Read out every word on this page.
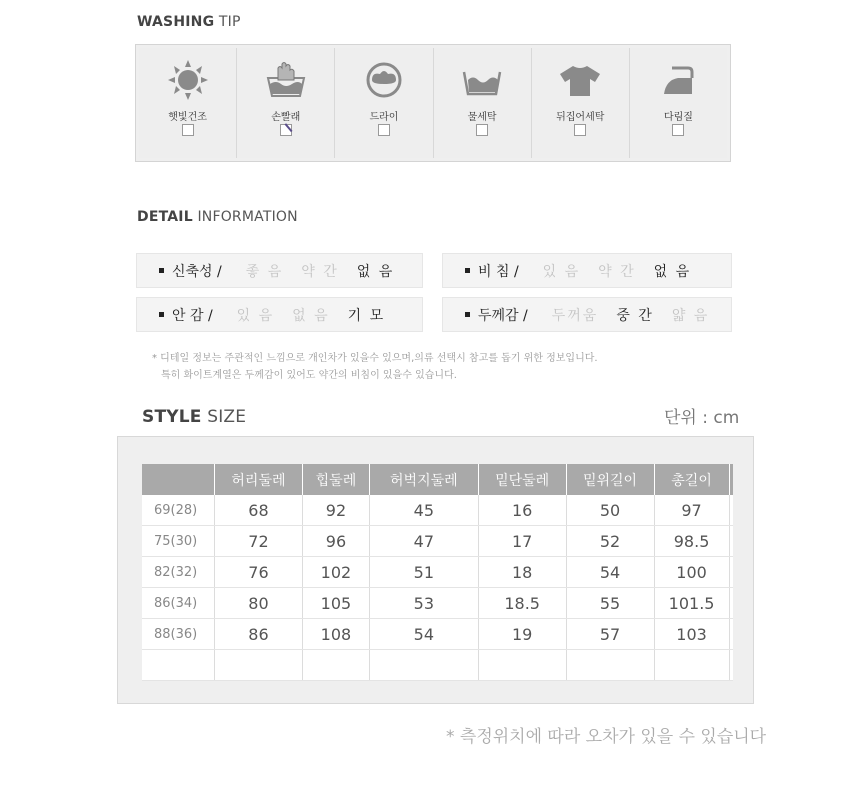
WASHING TIP
햇빛건조	손빨래	드라이	물세탁	뒤집어세탁	다림질
DETAIL INFORMATION
신축성 / 좋 음 약 간 없 음	비 침 / 있 음 약 간 없 음
안 감 / 있 음 없 음 기 모	두께감 / 두꺼움 중 간 얇 음
* 디테일 정보는 주관적인 느낌으로 개인차가 있을수 있으며,의류 선택시 참고를 돕기 위한 정보입니다.
특히 화이트계열은 두께감이 있어도 약간의 비침이 있을수 있습니다.
STYLE SIZE	단위 : cm
	허리둘레	힙둘레	허벅지둘레	밑단둘레	밑위길이	총길이	
69(28)	68	92	45	16	50	97	
75(30)	72	96	47	17	52	98.5	
82(32)	76	102	51	18	54	100	
86(34)	80	105	53	18.5	55	101.5	
88(36)	86	108	54	19	57	103	

* 측정위치에 따라 오차가 있을 수 있습니다
